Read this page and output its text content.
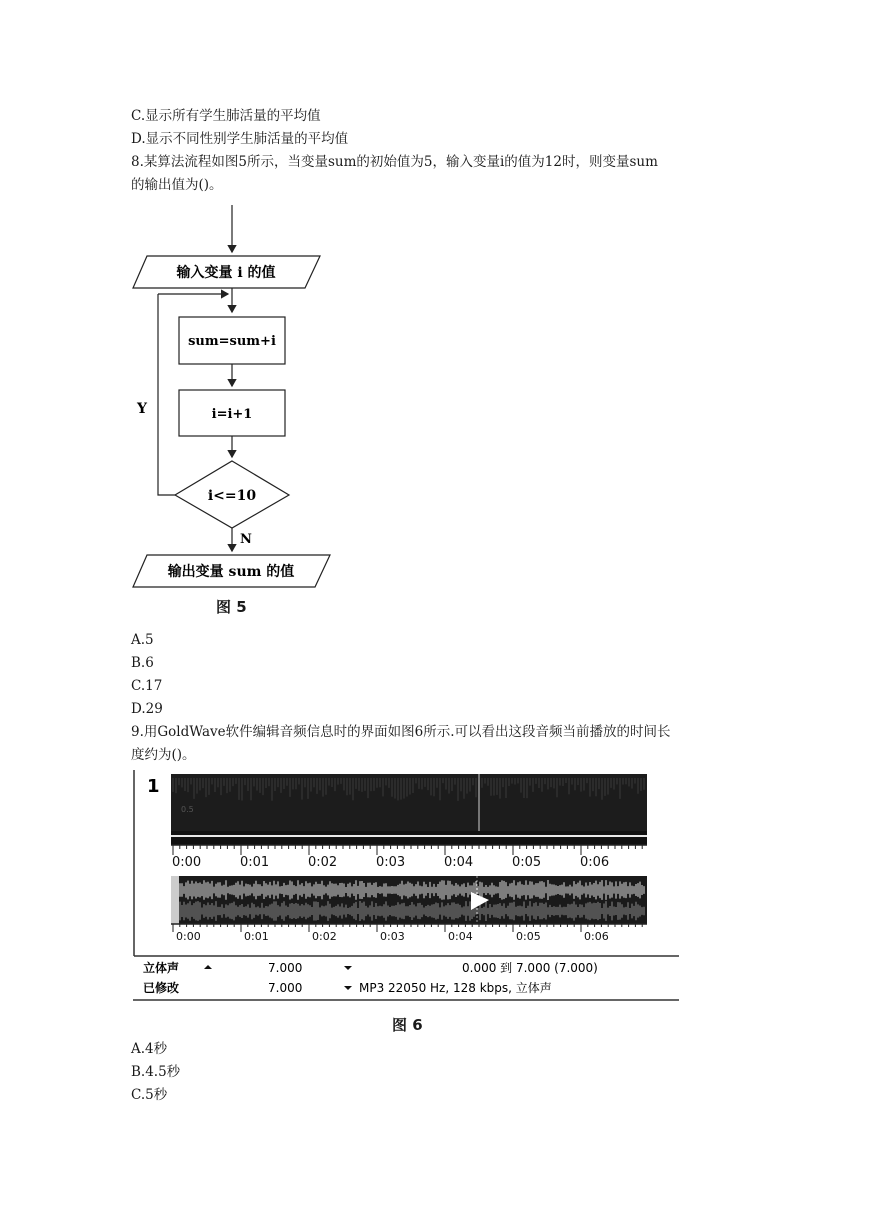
C.显示所有学生肺活量的平均值
D.显示不同性别学生肺活量的平均值
8.某算法流程如图5所示，当变量sum的初始值为5，输入变量i的值为12时，则变量sum
的输出值为()。
输入变量 i 的值
sum=sum+i
i=i+1
i<=10
Y
N
输出变量 sum 的值
图 5
A.5
B.6
C.17
D.29
9.用GoldWave软件编辑音频信息时的界面如图6所示.可以看出这段音频当前播放的时间长
度约为()。
1
0.5
0:00	0:01	0:02	0:03	0:04	0:05	0:06
0:00	0:01	0:02	0:03	0:04	0:05	0:06
立体声	7.000	0.000 到 7.000 (7.000)
已修改	7.000	MP3 22050 Hz, 128 kbps, 立体声
图 6
A.4秒
B.4.5秒
C.5秒
